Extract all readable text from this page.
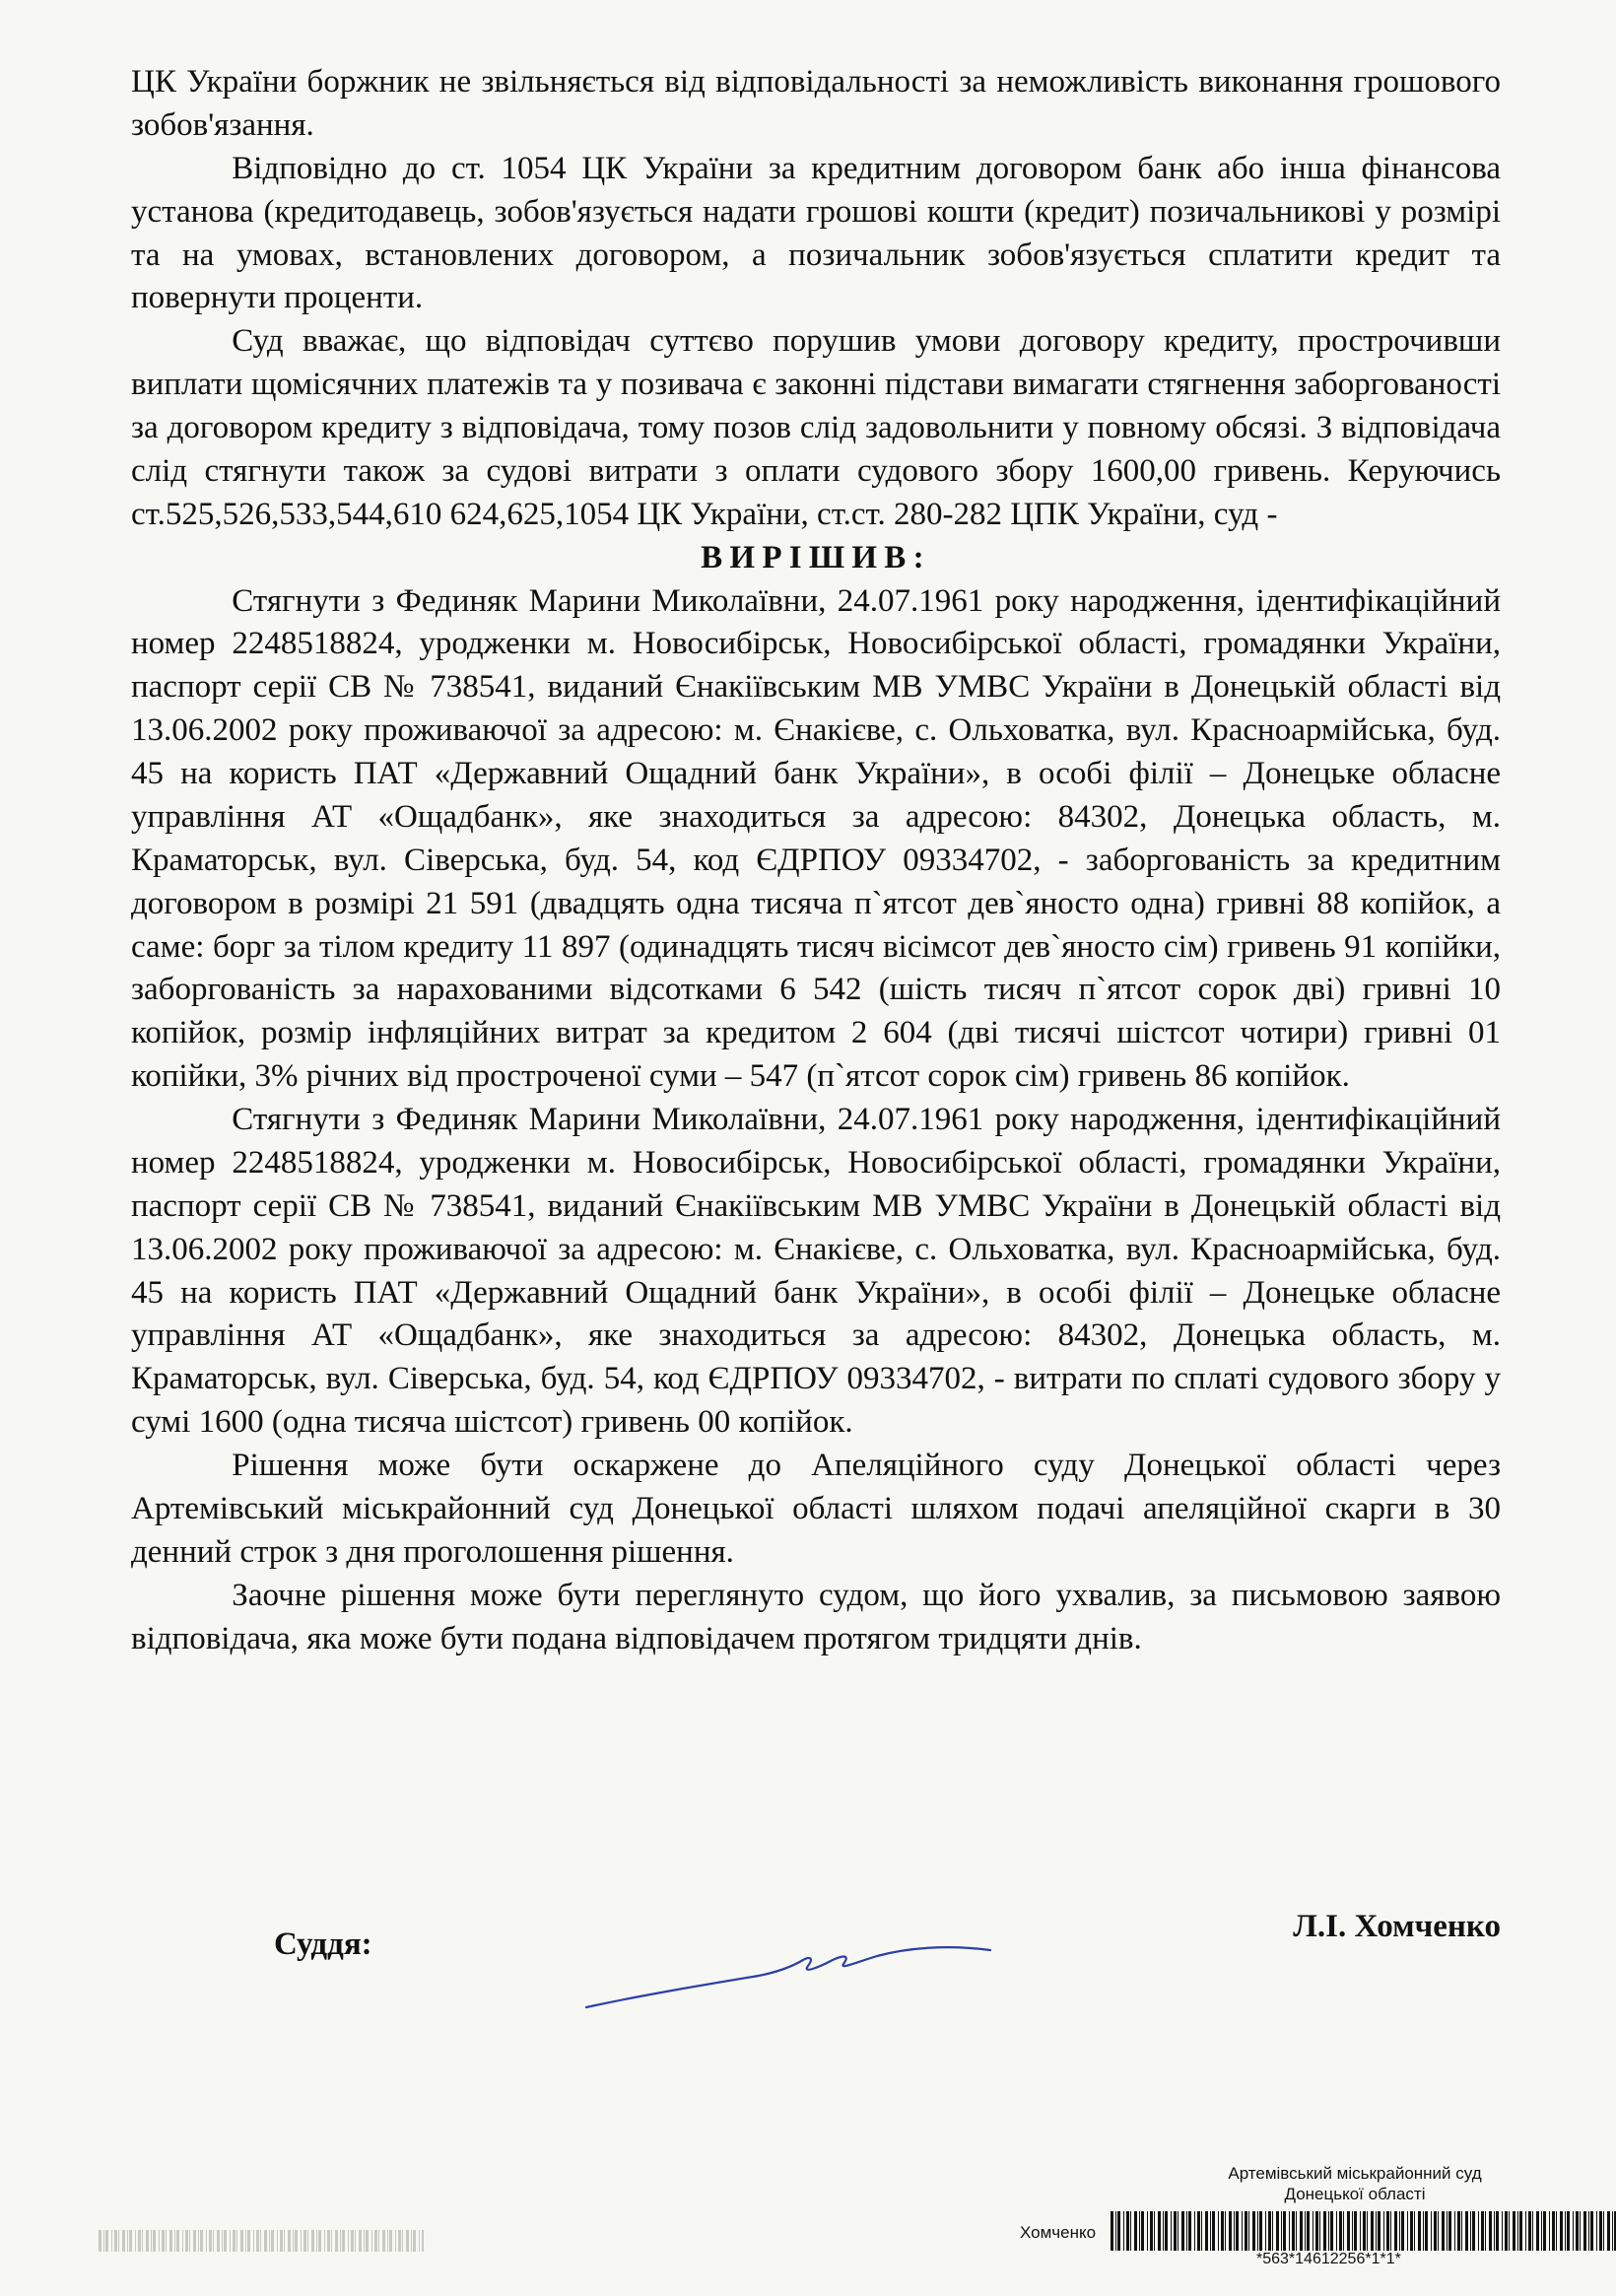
ЦК України боржник не звільняється від відповідальності за неможливість виконання грошового зобов'язання.

Відповідно до ст. 1054 ЦК України за кредитним договором банк або інша фінансова установа (кредитодавець, зобов'язується надати грошові кошти (кредит) позичальникові у розмірі та на умовах, встановлених договором, а позичальник зобов'язується сплатити кредит та повернути проценти.

Суд вважає, що відповідач суттєво порушив умови договору кредиту, прострочивши виплати щомісячних платежів та у позивача є законні підстави вимагати стягнення заборгованості за договором кредиту з відповідача, тому позов слід задовольнити у повному обсязі. З відповідача слід стягнути також за судові витрати з оплати судового збору 1600,00 гривень. Керуючись ст.525,526,533,544,610 624,625,1054 ЦК України, ст.ст. 280-282 ЦПК України, суд -

ВИРІШИВ:

Стягнути з Фединяк Марини Миколаївни, 24.07.1961 року народження, ідентифікаційний номер 2248518824, уродженки м. Новосибірськ, Новосибірської області, громадянки України, паспорт серії СВ № 738541, виданий Єнакіївським МВ УМВС України в Донецькій області від 13.06.2002 року проживаючої за адресою: м. Єнакієве, с. Ольховатка, вул. Красноармійська, буд. 45 на користь ПАТ «Державний Ощадний банк України», в особі філії – Донецьке обласне управління АТ «Ощадбанк», яке знаходиться за адресою: 84302, Донецька область, м. Краматорськ, вул. Сіверська, буд. 54, код ЄДРПОУ 09334702, - заборгованість за кредитним договором в розмірі 21 591 (двадцять одна тисяча п`ятсот дев`яносто одна) гривні 88 копійок, а саме: борг за тілом кредиту 11 897 (одинадцять тисяч вісімсот дев`яносто сім) гривень 91 копійки, заборгованість за нарахованими відсотками 6 542 (шість тисяч п`ятсот сорок дві) гривні 10 копійок, розмір інфляційних витрат за кредитом 2 604 (дві тисячі шістсот чотири) гривні 01 копійки, 3% річних від простроченої суми – 547 (п`ятсот сорок сім) гривень 86 копійок.

Стягнути з Фединяк Марини Миколаївни, 24.07.1961 року народження, ідентифікаційний номер 2248518824, уродженки м. Новосибірськ, Новосибірської області, громадянки України, паспорт серії СВ № 738541, виданий Єнакіївським МВ УМВС України в Донецькій області від 13.06.2002 року проживаючої за адресою: м. Єнакієве, с. Ольховатка, вул. Красноармійська, буд. 45 на користь ПАТ «Державний Ощадний банк України», в особі філії – Донецьке обласне управління АТ «Ощадбанк», яке знаходиться за адресою: 84302, Донецька область, м. Краматорськ, вул. Сіверська, буд. 54, код ЄДРПОУ 09334702, - витрати по сплаті судового збору у сумі 1600 (одна тисяча шістсот) гривень 00 копійок.

Рішення може бути оскаржене до Апеляційного суду Донецької області через Артемівський міськрайонний суд Донецької області шляхом подачі апеляційної скарги в 30 денний строк з дня проголошення рішення.

Заочне рішення може бути переглянуто судом, що його ухвалив, за письмовою заявою відповідача, яка може бути подана відповідачем протягом тридцяти днів.

Суддя:	Л.І. Хомченко
Артемівський міськрайонний суд
Донецької області
Хомченко
*563*14612256*1*1*
